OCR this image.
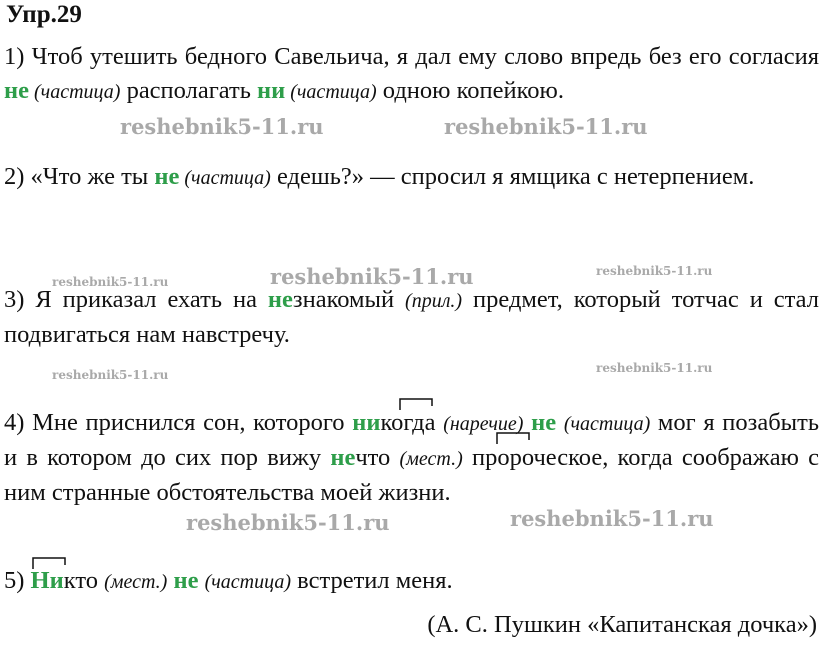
Упр.29
1) Чтоб утешить бедного Савельича, я дал ему слово впредь без его согласия не (частица) располагать ни (частица) одною копейкою.
2) «Что же ты не (частица) едешь?» — спросил я ямщика с нетерпением.
3) Я приказал ехать на незнакомый (прил.) предмет, который тотчас и стал подвигаться нам навстречу.
4) Мне приснился сон, которого никогда (наречие) не (частица) мог я позабыть и в котором до сих пор вижу нечто (мест.) пророческое, когда соображаю с ним странные обстоятельства моей жизни.
5) Никто (мест.) не (частица) встретил меня.
(А. С. Пушкин «Капитанская дочка»)
reshebnik5-11.ru	reshebnik5-11.ru
reshebnik5-11.ru	reshebnik5-11.ru	reshebnik5-11.ru
reshebnik5-11.ru	reshebnik5-11.ru
reshebnik5-11.ru	reshebnik5-11.ru
